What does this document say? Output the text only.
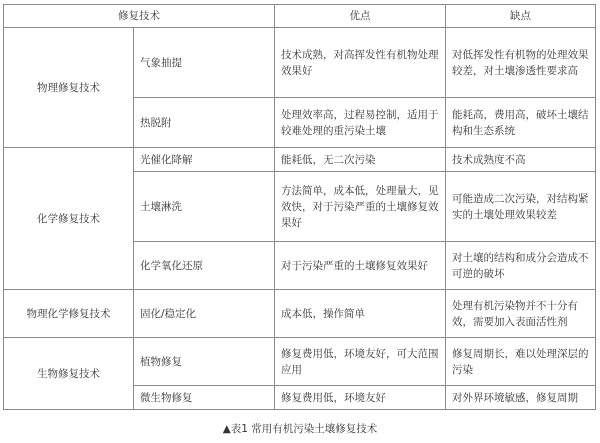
修复技术		优点	缺点
物理修复技术	气象抽提	技术成熟，对高挥发性有机物处理效果好	对低挥发性有机物的处理效果较差，对土壤渗透性要求高
	热脱附	处理效率高，过程易控制，适用于较难处理的重污染土壤	能耗高，费用高，破坏土壤结构和生态系统
化学修复技术	光催化降解	能耗低，无二次污染	技术成熟度不高
	土壤淋洗	方法简单，成本低，处理量大，见效快，对于污染严重的土壤修复效果好	可能造成二次污染，对结构紧实的土壤处理效果较差
	化学氧化还原	对于污染严重的土壤修复效果好	对土壤的结构和成分会造成不可逆的破坏
物理化学修复技术	固化/稳定化	成本低，操作简单	处理有机污染物并不十分有效，需要加入表面活性剂
生物修复技术	植物修复	修复费用低，环境友好，可大范围应用	修复周期长，难以处理深层的污染
	微生物修复	修复费用低，环境友好	对外界环境敏感，修复周期
▲表1 常用有机污染土壤修复技术
